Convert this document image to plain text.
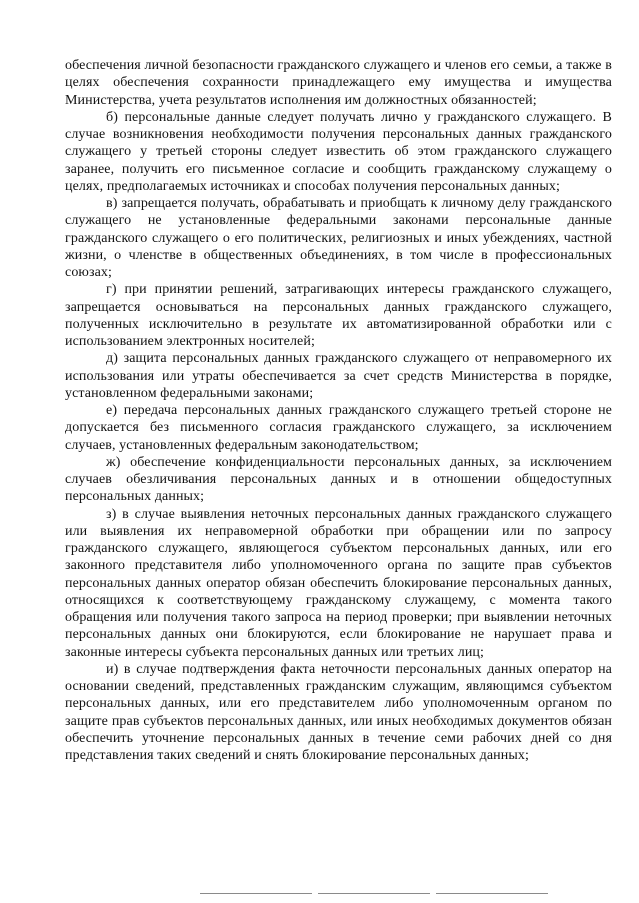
обеспечения личной безопасности гражданского служащего и членов его семьи, а также в целях обеспечения сохранности принадлежащего ему имущества и имущества Министерства, учета результатов исполнения им должностных обязанностей;

б) персональные данные следует получать лично у гражданского служащего. В случае возникновения необходимости получения персональных данных гражданского служащего у третьей стороны следует известить об этом гражданского служащего заранее, получить его письменное согласие и сообщить гражданскому служащему о целях, предполагаемых источниках и способах получения персональных данных;

в) запрещается получать, обрабатывать и приобщать к личному делу гражданского служащего не установленные федеральными законами персональные данные гражданского служащего о его политических, религиозных и иных убеждениях, частной жизни, о членстве в общественных объединениях, в том числе в профессиональных союзах;

г) при принятии решений, затрагивающих интересы гражданского служащего, запрещается основываться на персональных данных гражданского служащего, полученных исключительно в результате их автоматизированной обработки или с использованием электронных носителей;

д) защита персональных данных гражданского служащего от неправомерного их использования или утраты обеспечивается за счет средств Министерства в порядке, установленном федеральными законами;

е) передача персональных данных гражданского служащего третьей стороне не допускается без письменного согласия гражданского служащего, за исключением случаев, установленных федеральным законодательством;

ж) обеспечение конфиденциальности персональных данных, за исключением случаев обезличивания персональных данных и в отношении общедоступных персональных данных;

з) в случае выявления неточных персональных данных гражданского служащего или выявления их неправомерной обработки при обращении или по запросу гражданского служащего, являющегося субъектом персональных данных, или его законного представителя либо уполномоченного органа по защите прав субъектов персональных данных оператор обязан обеспечить блокирование персональных данных, относящихся к соответствующему гражданскому служащему, с момента такого обращения или получения такого запроса на период проверки; при выявлении неточных персональных данных они блокируются, если блокирование не нарушает права и законные интересы субъекта персональных данных или третьих лиц;

и) в случае подтверждения факта неточности персональных данных оператор на основании сведений, представленных гражданским служащим, являющимся субъектом персональных данных, или его представителем либо уполномоченным органом по защите прав субъектов персональных данных, или иных необходимых документов обязан обеспечить уточнение персональных данных в течение семи рабочих дней со дня представления таких сведений и снять блокирование персональных данных;
